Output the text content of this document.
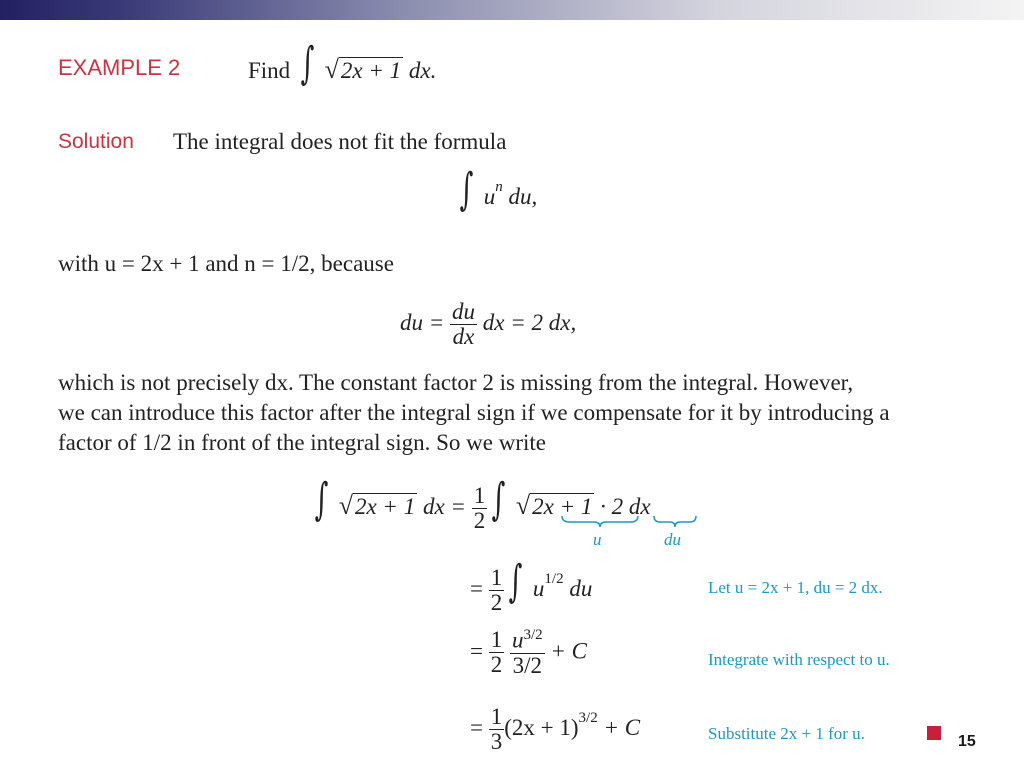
EXAMPLE 2	Find ∫ √ 2x + 1 dx.
Solution The integral does not fit the formula
∫ $u^n$ du,
with u = 2x + 1 and n = 1/2, because
du = $\frac{du}{dx}$ dx = 2 dx,
which is not precisely dx. The constant factor 2 is missing from the integral. However,
we can introduce this factor after the integral sign if we compensate for it by introducing a
factor of 1/2 in front of the integral sign. So we write
∫ √ 2x + 1 dx = $\frac{1}{2}$ ∫ √ 2x + 1 · 2 dx
u	du
= $\frac{1}{2}$ ∫ $u^{1/2}$ du	Let u = 2x + 1, du = 2 dx.
= $\frac{1}{2}$
$\frac{u^{3/2}}{3/2} + C$	Integrate with respect to u.
= $\frac{1}{3} (2x + 1)^{3/2} + C$	Substitute 2x + 1 for u.	15
